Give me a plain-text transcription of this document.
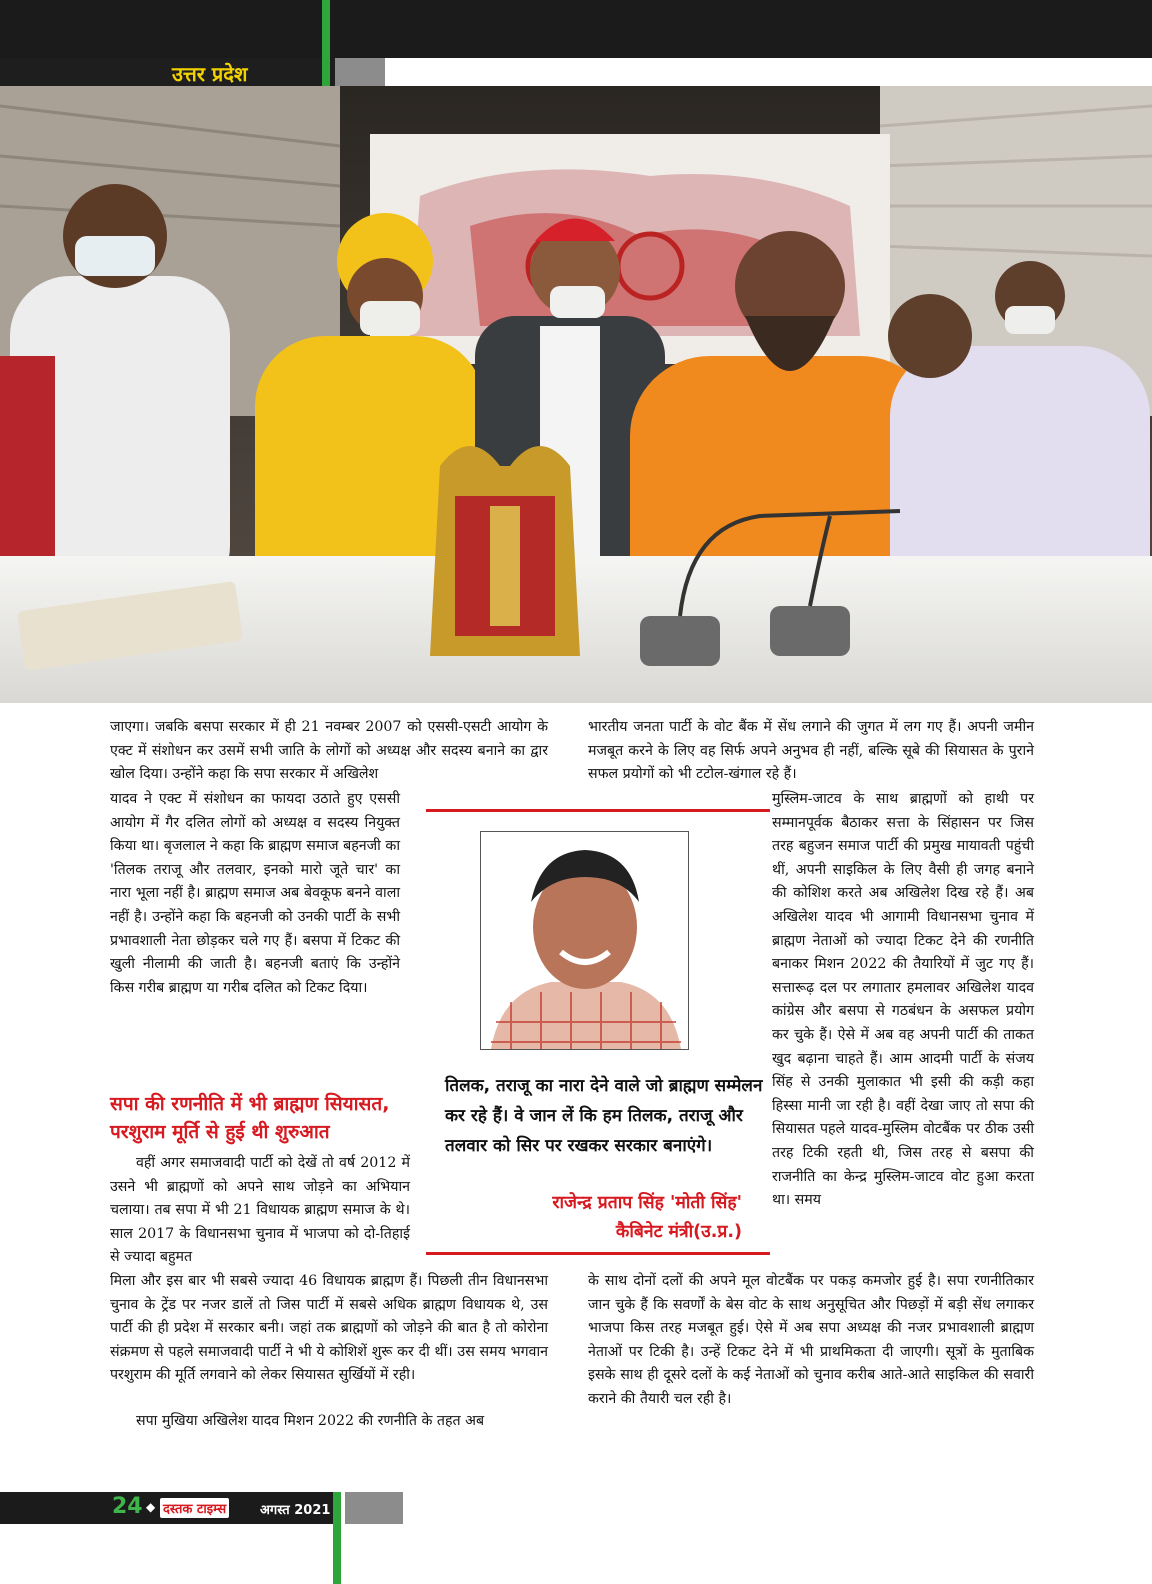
उत्तर प्रदेश

जाएगा। जबकि बसपा सरकार में ही 21 नवम्बर 2007 को एससी-एसटी आयोग के एक्ट में संशोधन कर उसमें सभी जाति के लोगों को अध्यक्ष और सदस्य बनाने का द्वार खोल दिया। उन्होंने कहा कि सपा सरकार में अखिलेश

यादव ने एक्ट में संशोधन का फायदा उठाते हुए एससी आयोग में गैर दलित लोगों को अध्यक्ष व सदस्य नियुक्त किया था। बृजलाल ने कहा कि ब्राह्मण समाज बहनजी का 'तिलक तराजू और तलवार, इनको मारो जूते चार' का नारा भूला नहीं है। ब्राह्मण समाज अब बेवकूफ बनने वाला नहीं है। उन्होंने कहा कि बहनजी को उनकी पार्टी के सभी प्रभावशाली नेता छोड़कर चले गए हैं। बसपा में टिकट की खुली नीलामी की जाती है। बहनजी बताएं कि उन्होंने किस गरीब ब्राह्मण या गरीब दलित को टिकट दिया।

सपा की रणनीति में भी ब्राह्मण सियासत, परशुराम मूर्ति से हुई थी शुरुआत

वहीं अगर समाजवादी पार्टी को देखें तो वर्ष 2012 में उसने भी ब्राह्मणों को अपने साथ जोड़ने का अभियान चलाया। तब सपा में भी 21 विधायक ब्राह्मण समाज के थे। साल 2017 के विधानसभा चुनाव में भाजपा को दो-तिहाई से ज्यादा बहुमत

मिला और इस बार भी सबसे ज्यादा 46 विधायक ब्राह्मण हैं। पिछली तीन विधानसभा चुनाव के ट्रेंड पर नजर डालें तो जिस पार्टी में सबसे अधिक ब्राह्मण विधायक थे, उस पार्टी की ही प्रदेश में सरकार बनी। जहां तक ब्राह्मणों को जोड़ने की बात है तो कोरोना संक्रमण से पहले समाजवादी पार्टी ने भी ये कोशिशें शुरू कर दी थीं। उस समय भगवान परशुराम की मूर्ति लगवाने को लेकर सियासत सुर्खियों में रही।

सपा मुखिया अखिलेश यादव मिशन 2022 की रणनीति के तहत अब

तिलक, तराजू का नारा देने वाले जो ब्राह्मण सम्मेलन कर रहे हैं। वे जान लें कि हम तिलक, तराजू और तलवार को सिर पर रखकर सरकार बनाएंगे।

राजेन्द्र प्रताप सिंह 'मोती सिंह'
कैबिनेट मंत्री(उ.प्र.)

भारतीय जनता पार्टी के वोट बैंक में सेंध लगाने की जुगत में लग गए हैं। अपनी जमीन मजबूत करने के लिए वह सिर्फ अपने अनुभव ही नहीं, बल्कि सूबे की सियासत के पुराने सफल प्रयोगों को भी टटोल-खंगाल रहे हैं।

मुस्लिम-जाटव के साथ ब्राह्मणों को हाथी पर सम्मानपूर्वक बैठाकर सत्ता के सिंहासन पर जिस तरह बहुजन समाज पार्टी की प्रमुख मायावती पहुंची थीं, अपनी साइकिल के लिए वैसी ही जगह बनाने की कोशिश करते अब अखिलेश दिख रहे हैं। अब अखिलेश यादव भी आगामी विधानसभा चुनाव में ब्राह्मण नेताओं को ज्यादा टिकट देने की रणनीति बनाकर मिशन 2022 की तैयारियों में जुट गए हैं। सत्तारूढ़ दल पर लगातार हमलावर अखिलेश यादव कांग्रेस और बसपा से गठबंधन के असफल प्रयोग कर चुके हैं। ऐसे में अब वह अपनी पार्टी की ताकत खुद बढ़ाना चाहते हैं। आम आदमी पार्टी के संजय सिंह से उनकी मुलाकात भी इसी की कड़ी कहा हिस्सा मानी जा रही है। वहीं देखा जाए तो सपा की सियासत पहले यादव-मुस्लिम वोटबैंक पर ठीक उसी तरह टिकी रहती थी, जिस तरह से बसपा की राजनीति का केन्द्र मुस्लिम-जाटव वोट हुआ करता था। समय

के साथ दोनों दलों की अपने मूल वोटबैंक पर पकड़ कमजोर हुई है। सपा रणनीतिकार जान चुके हैं कि सवर्णों के बेस वोट के साथ अनुसूचित और पिछड़ों में बड़ी सेंध लगाकर भाजपा किस तरह मजबूत हुई। ऐसे में अब सपा अध्यक्ष की नजर प्रभावशाली ब्राह्मण नेताओं पर टिकी है। उन्हें टिकट देने में भी प्राथमिकता दी जाएगी। सूत्रों के मुताबिक इसके साथ ही दूसरे दलों के कई नेताओं को चुनाव करीब आते-आते साइकिल की सवारी कराने की तैयारी चल रही है।

24 ◆ दस्तक टाइम्स	अगस्त 2021
